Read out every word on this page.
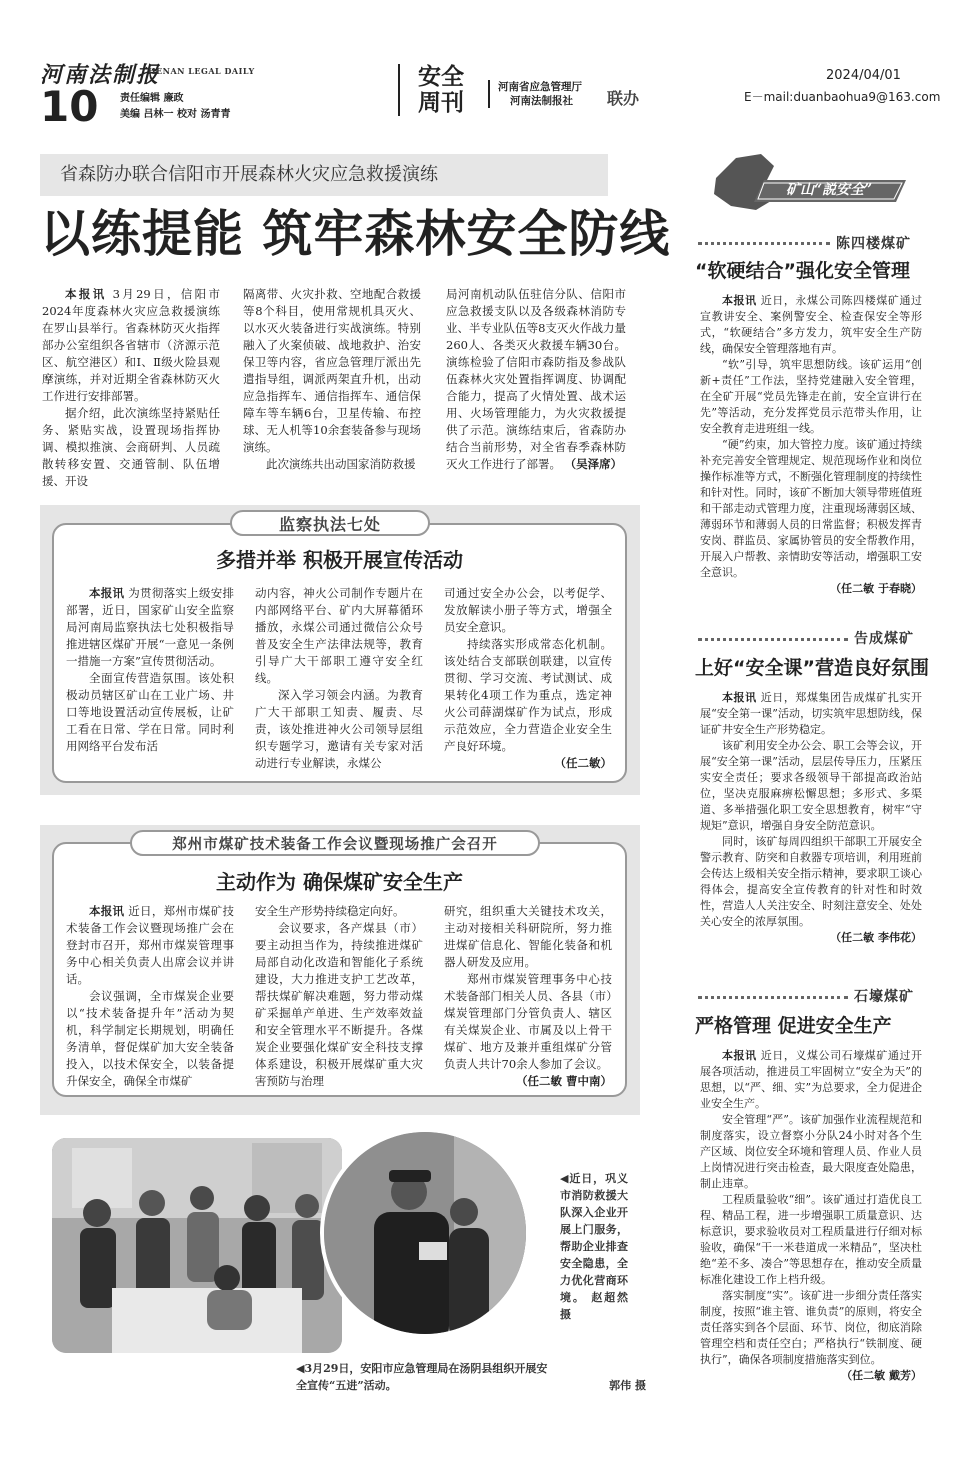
河南法制报
HENAN LEGAL DAILY
10 责任编辑 廉政
美编 吕林一 校对 汤青青
安全
周刊
河南省应急管理厅
河南法制报社	联办
2024/04/01
E－mail:duanbaohua9@163.com
省森防办联合信阳市开展森林火灾应急救援演练
以练提能 筑牢森林安全防线

本报讯 3月29日，信阳市2024年度森林火灾应急救援演练在罗山县举行。省森林防灭火指挥部办公室组织各省辖市（济源示范区、航空港区）和Ⅰ、Ⅱ级火险县观摩演练，并对近期全省森林防灭火工作进行安排部署。

据介绍，此次演练坚持紧贴任务、紧贴实战，设置现场指挥协调、模拟推演、会商研判、人员疏散转移安置、交通管制、队伍增援、开设

隔离带、火灾扑救、空地配合救援等8个科目，使用常规机具灭火、以水灭火装备进行实战演练。特别融入了火案侦破、战地救护、治安保卫等内容，省应急管理厅派出先遣指导组，调派两架直升机，出动应急指挥车、通信指挥车、通信保障车等车辆6台，卫星传输、布控球、无人机等10余套装备参与现场演练。

此次演练共出动国家消防救援

局河南机动队伍驻信分队、信阳市应急救援支队以及各级森林消防专业、半专业队伍等8支灭火作战力量260人、各类灭火救援车辆30台。演练检验了信阳市森防指及参战队伍森林火灾处置指挥调度、协调配合能力，提高了火情处置、战术运用、火场管理能力，为火灾救援提供了示范。演练结束后，省森防办结合当前形势，对全省春季森林防灭火工作进行了部署。 （吴泽席）

监察执法七处
多措并举 积极开展宣传活动

本报讯 为贯彻落实上级安排部署，近日，国家矿山安全监察局河南局监察执法七处积极指导推进辖区煤矿开展“一意见一条例一措施一方案”宣传贯彻活动。

全面宣传营造氛围。该处积极动员辖区矿山在工业广场、井口等地设置活动宣传展板，让矿工看在日常、学在日常。同时利用网络平台发布活

动内容，神火公司制作专题片在内部网络平台、矿内大屏幕循环播放，永煤公司通过微信公众号普及安全生产法律法规等，教育引导广大干部职工遵守安全红线。

深入学习领会内涵。为教育广大干部职工知责、履责、尽责，该处推进神火公司领导层组织专题学习，邀请有关专家对活动进行专业解读，永煤公

司通过安全办公会，以考促学、发放解读小册子等方式，增强全员安全意识。

持续落实形成常态化机制。该处结合支部联创联建，以宣传贯彻、学习交流、考试测试、成果转化4项工作为重点，选定神火公司薛湖煤矿作为试点，形成示范效应，全力营造企业安全生产良好环境。

（任二敏）

郑州市煤矿技术装备工作会议暨现场推广会召开
主动作为 确保煤矿安全生产

本报讯 近日，郑州市煤矿技术装备工作会议暨现场推广会在登封市召开，郑州市煤炭管理事务中心相关负责人出席会议并讲话。

会议强调，全市煤炭企业要以“技术装备提升年”活动为契机，科学制定长期规划，明确任务清单，督促煤矿加大安全装备投入，以技术保安全，以装备提升保安全，确保全市煤矿

安全生产形势持续稳定向好。

会议要求，各产煤县（市）要主动担当作为，持续推进煤矿局部自动化改造和智能化子系统建设，大力推进支护工艺改革，帮扶煤矿解决难题，努力带动煤矿采掘单产单进、生产效率效益和安全管理水平不断提升。各煤炭企业要强化煤矿安全科技支撑体系建设，积极开展煤矿重大灾害预防与治理

研究，组织重大关键技术攻关，主动对接相关科研院所，努力推进煤矿信息化、智能化装备和机器人研发及应用。

郑州市煤炭管理事务中心技术装备部门相关人员、各县（市）煤炭管理部门分管负责人、辖区有关煤炭企业、市属及以上骨干煤矿、地方及兼并重组煤矿分管负责人共计70余人参加了会议。

（任二敏 曹中南）

◀3月29日，安阳市应急管理局在汤阴县组织开展安
全宣传“五进”活动。	郭伟 摄
◀近日，巩义市消防救援大队深入企业开展上门服务，帮助企业排查安全隐患，全力优化营商环境。 赵超然 摄
矿山“説安全”
陈四楼煤矿
“软硬结合”强化安全管理

本报讯 近日，永煤公司陈四楼煤矿通过宣教讲安全、案例警安全、检查保安全等形式，“软硬结合”多方发力，筑牢安全生产防线，确保安全管理落地有声。

“软”引导，筑牢思想防线。该矿运用“创新+责任”工作法，坚持党建融入安全管理，在全矿开展“党员先锋走在前，安全宣讲行在先”等活动，充分发挥党员示范带头作用，让安全教育走进班组一线。

“硬”约束，加大管控力度。该矿通过持续补充完善安全管理规定、规范现场作业和岗位操作标准等方式，不断强化管理制度的持续性和针对性。同时，该矿不断加大领导带班值班和干部走动式管理力度，注重现场薄弱区域、薄弱环节和薄弱人员的日常监督；积极发挥青安岗、群监员、家属协管员的安全帮教作用，开展入户帮教、亲情助安等活动，增强职工安全意识。

（任二敏 于春晓）

告成煤矿
上好“安全课”营造良好氛围

本报讯 近日，郑煤集团告成煤矿扎实开展“安全第一课”活动，切实筑牢思想防线，保证矿井安全生产形势稳定。

该矿利用安全办公会、职工会等会议，开展“安全第一课”活动，层层传导压力，压紧压实安全责任；要求各级领导干部提高政治站位，坚决克服麻痹松懈思想；多形式、多渠道、多举措强化职工安全思想教育，树牢“守规矩”意识，增强自身安全防范意识。

同时，该矿每周四组织干部职工开展安全警示教育、防突和自救器专项培训，利用班前会传达上级相关安全指示精神，要求职工谈心得体会，提高安全宣传教育的针对性和时效性，营造人人关注安全、时刻注意安全、处处关心安全的浓厚氛围。

（任二敏 李伟花）

石壕煤矿
严格管理 促进安全生产

本报讯 近日，义煤公司石壕煤矿通过开展各项活动，推进员工牢固树立“安全为天”的思想，以“严、细、实”为总要求，全力促进企业安全生产。

安全管理“严”。该矿加强作业流程规范和制度落实，设立督察小分队24小时对各个生产区域、岗位安全环境和管理人员、作业人员上岗情况进行突击检查，最大限度查处隐患，制止违章。

工程质量验收“细”。该矿通过打造优良工程、精品工程，进一步增强职工质量意识、达标意识，要求验收员对工程质量进行仔细对标验收，确保“干一米巷道成一米精品”，坚决杜绝“差不多、凑合”等思想存在，推动安全质量标准化建设工作上档升级。

落实制度“实”。该矿进一步细分责任落实制度，按照“谁主管、谁负责”的原则，将安全责任落实到各个层面、环节、岗位，彻底消除管理空档和责任空白；严格执行“铁制度、硬执行”，确保各项制度措施落实到位。

（任二敏 戴芳）
